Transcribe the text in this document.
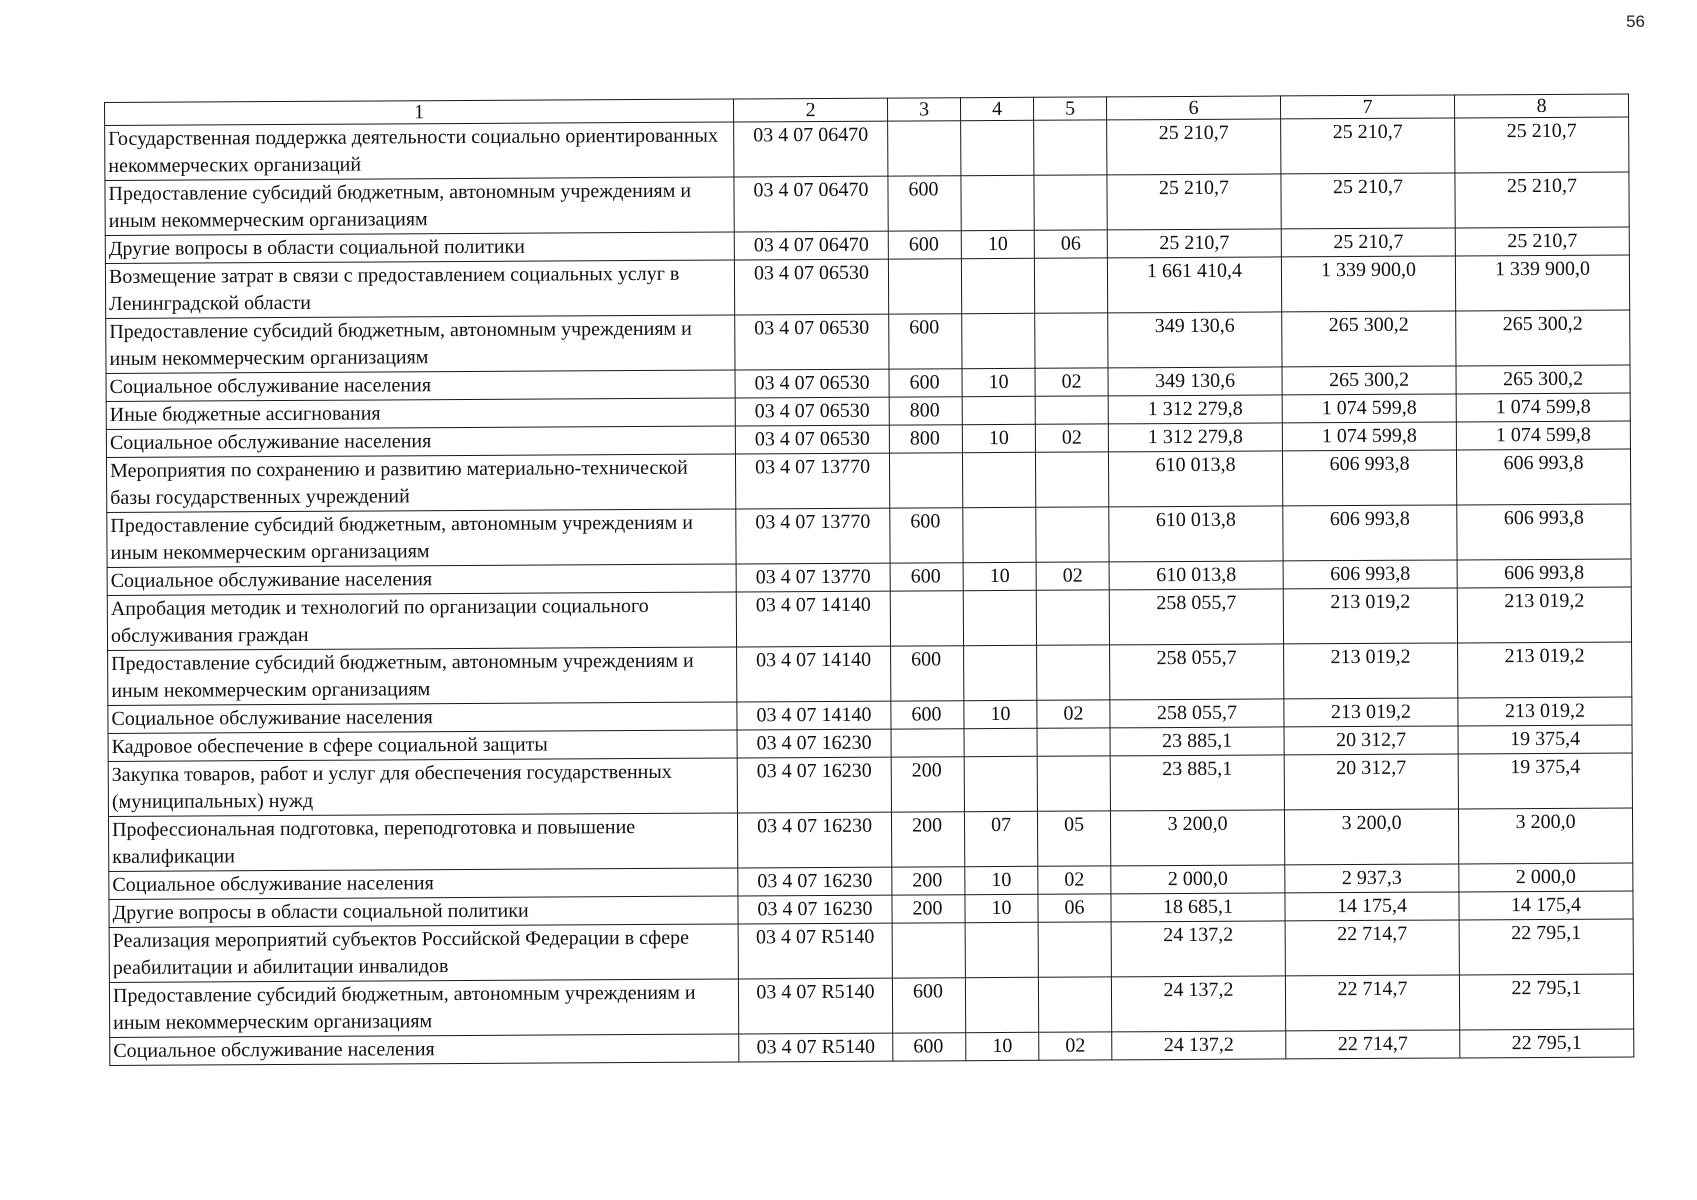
56
1	2	3	4	5	6	7	8
Государственная поддержка деятельности социально ориентированных некоммерческих организаций	03 4 07 06470				25 210,7	25 210,7	25 210,7
Предоставление субсидий бюджетным, автономным учреждениям и иным некоммерческим организациям	03 4 07 06470	600			25 210,7	25 210,7	25 210,7
Другие вопросы в области социальной политики	03 4 07 06470	600	10	06	25 210,7	25 210,7	25 210,7
Возмещение затрат в связи с предоставлением социальных услуг в Ленинградской области	03 4 07 06530				1 661 410,4	1 339 900,0	1 339 900,0
Предоставление субсидий бюджетным, автономным учреждениям и иным некоммерческим организациям	03 4 07 06530	600			349 130,6	265 300,2	265 300,2
Социальное обслуживание населения	03 4 07 06530	600	10	02	349 130,6	265 300,2	265 300,2
Иные бюджетные ассигнования	03 4 07 06530	800			1 312 279,8	1 074 599,8	1 074 599,8
Социальное обслуживание населения	03 4 07 06530	800	10	02	1 312 279,8	1 074 599,8	1 074 599,8
Мероприятия по сохранению и развитию материально-технической базы государственных учреждений	03 4 07 13770				610 013,8	606 993,8	606 993,8
Предоставление субсидий бюджетным, автономным учреждениям и иным некоммерческим организациям	03 4 07 13770	600			610 013,8	606 993,8	606 993,8
Социальное обслуживание населения	03 4 07 13770	600	10	02	610 013,8	606 993,8	606 993,8
Апробация методик и технологий по организации социального обслуживания граждан	03 4 07 14140				258 055,7	213 019,2	213 019,2
Предоставление субсидий бюджетным, автономным учреждениям и иным некоммерческим организациям	03 4 07 14140	600			258 055,7	213 019,2	213 019,2
Социальное обслуживание населения	03 4 07 14140	600	10	02	258 055,7	213 019,2	213 019,2
Кадровое обеспечение в сфере социальной защиты	03 4 07 16230				23 885,1	20 312,7	19 375,4
Закупка товаров, работ и услуг для обеспечения государственных (муниципальных) нужд	03 4 07 16230	200			23 885,1	20 312,7	19 375,4
Профессиональная подготовка, переподготовка и повышение квалификации	03 4 07 16230	200	07	05	3 200,0	3 200,0	3 200,0
Социальное обслуживание населения	03 4 07 16230	200	10	02	2 000,0	2 937,3	2 000,0
Другие вопросы в области социальной политики	03 4 07 16230	200	10	06	18 685,1	14 175,4	14 175,4
Реализация мероприятий субъектов Российской Федерации в сфере реабилитации и абилитации инвалидов	03 4 07 R5140				24 137,2	22 714,7	22 795,1
Предоставление субсидий бюджетным, автономным учреждениям и иным некоммерческим организациям	03 4 07 R5140	600			24 137,2	22 714,7	22 795,1
Социальное обслуживание населения	03 4 07 R5140	600	10	02	24 137,2	22 714,7	22 795,1
